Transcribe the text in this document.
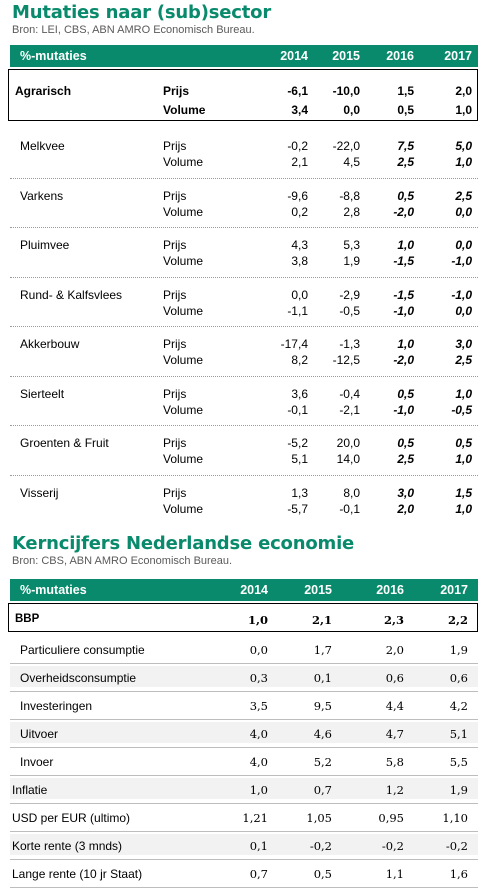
Mutaties naar (sub)sector
Bron: LEI, CBS, ABN AMRO Economisch Bureau.
%-mutaties	2014 2015 2016 2017
Agrarisch	Prijs	-6,1 -10,0	1,5	2,0
Volume	3,4	0,0	0,5	1,0
Melkvee	Prijs	-0,2 -22,0	7,5	5,0
Volume	2,1	4,5	2,5	1,0
Varkens	Prijs	-9,6	-8,8	0,5	2,5
Volume	0,2	2,8	-2,0	0,0
Pluimvee	Prijs	4,3	5,3	1,0	0,0
Volume	3,8	1,9	-1,5	-1,0
Rund- & Kalfsvlees	Prijs	0,0	-2,9	-1,5	-1,0
Volume	-1,1	-0,5	-1,0	0,0
Akkerbouw	Prijs	-17,4	-1,3	1,0	3,0
Volume	8,2 -12,5	-2,0	2,5
Sierteelt	Prijs	3,6	-0,4	0,5	1,0
Volume	-0,1	-2,1	-1,0	-0,5
Groenten & Fruit	Prijs	-5,2 20,0	0,5	0,5
Volume	5,1 14,0	2,5	1,0
Visserij	Prijs	1,3	8,0	3,0	1,5
Volume	-5,7	-0,1	2,0	1,0
Kerncijfers Nederlandse economie
Bron: CBS, ABN AMRO Economisch Bureau.
%-mutaties	2014	2015	2016	2017
BBP	1,0	2,1	2,3	2,2
Particuliere consumptie	0,0	1,7	2,0	1,9
Overheidsconsumptie	0,3	0,1	0,6	0,6
Investeringen	3,5	9,5	4,4	4,2
Uitvoer	4,0	4,6	4,7	5,1
Invoer	4,0	5,2	5,8	5,5
Inflatie	1,0	0,7	1,2	1,9
USD per EUR (ultimo)	1,21	1,05	0,95	1,10
Korte rente (3 mnds)	0,1	-0,2	-0,2	-0,2
Lange rente (10 jr Staat)	0,7	0,5	1,1	1,6
